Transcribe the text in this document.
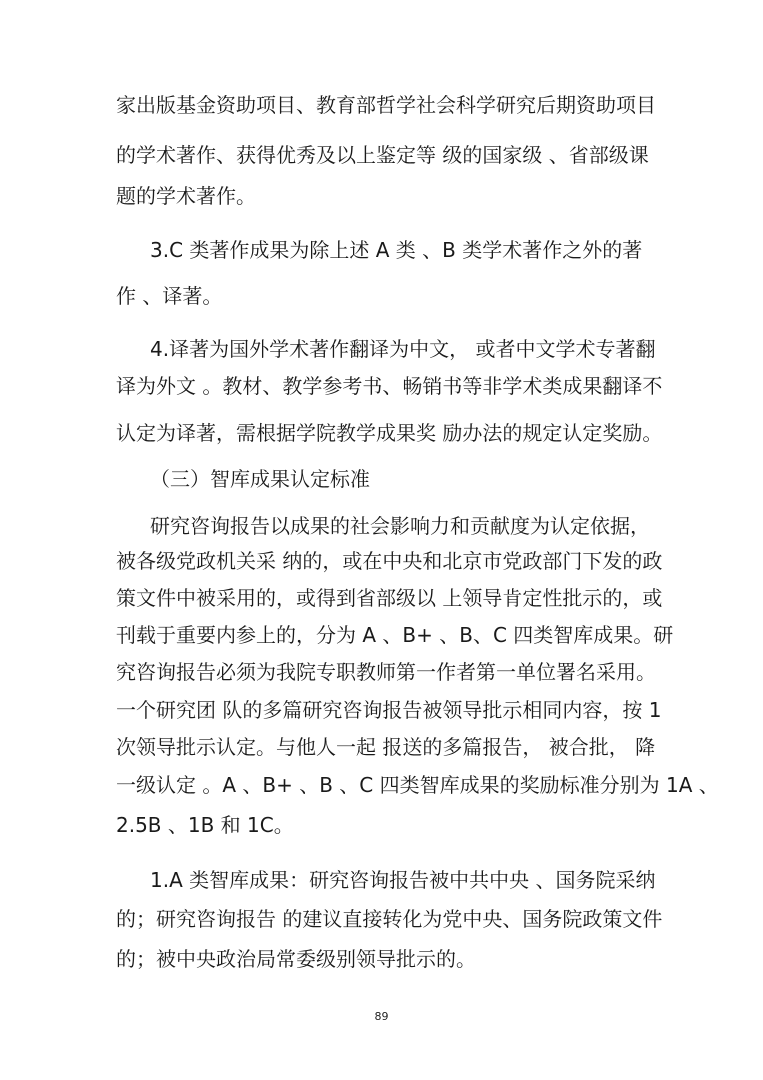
家出版基金资助项目、教育部哲学社会科学研究后期资助项目
的学术著作、获得优秀及以上鉴定等 级的国家级 、省部级课
题的学术著作。
3.C 类著作成果为除上述 A 类 、B 类学术著作之外的著
作 、译著。
4.译著为国外学术著作翻译为中文， 或者中文学术专著翻
译为外文 。教材、教学参考书、畅销书等非学术类成果翻译不
认定为译著，需根据学院教学成果奖 励办法的规定认定奖励。
（三）智库成果认定标准
研究咨询报告以成果的社会影响力和贡献度为认定依据，
被各级党政机关采 纳的，或在中央和北京市党政部门下发的政
策文件中被采用的，或得到省部级以 上领导肯定性批示的，或
刊载于重要内参上的，分为 A 、B+ 、B、C 四类智库成果。研
究咨询报告必须为我院专职教师第一作者第一单位署名采用。
一个研究团 队的多篇研究咨询报告被领导批示相同内容，按 1
次领导批示认定。与他人一起 报送的多篇报告， 被合批， 降
一级认定 。A 、B+ 、B 、C 四类智库成果的奖励标准分别为 1A 、
2.5B 、1B 和 1C。
1.A 类智库成果：研究咨询报告被中共中央 、国务院采纳
的；研究咨询报告 的建议直接转化为党中央、国务院政策文件
的；被中央政治局常委级别领导批示的。
89
